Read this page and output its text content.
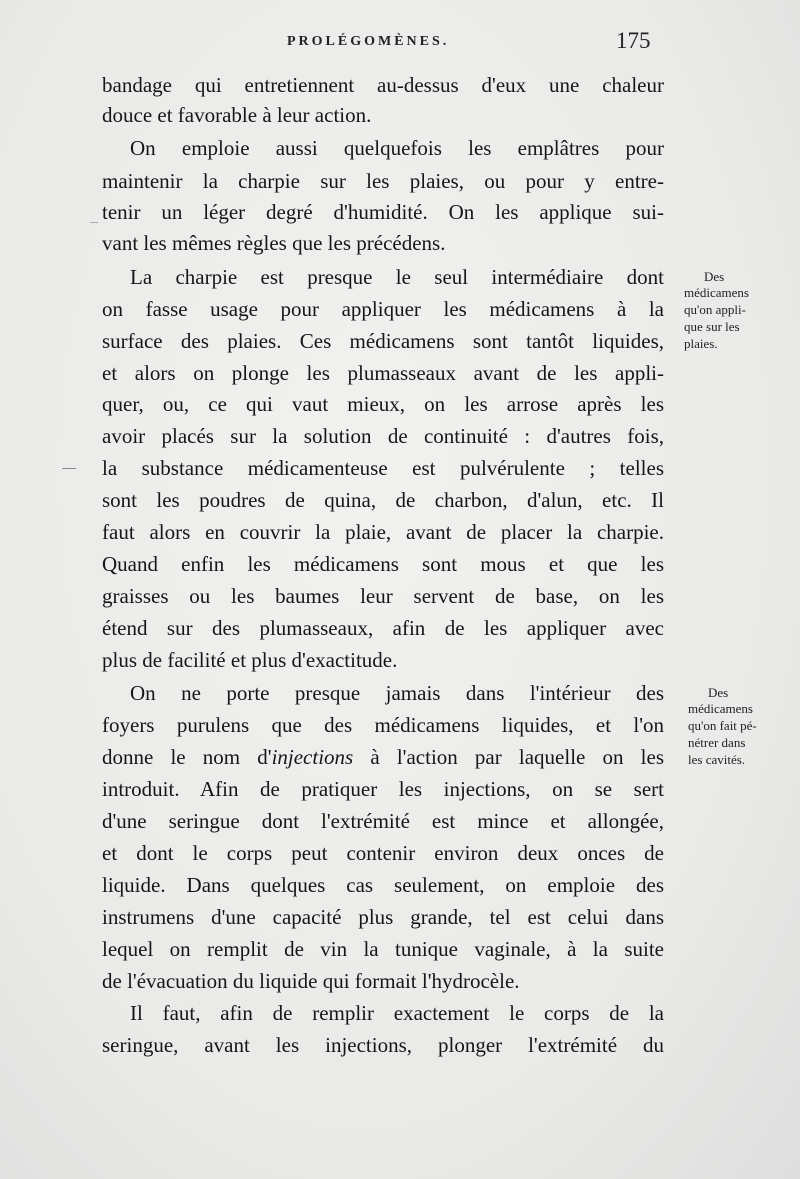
PROLÉGOMÈNES.	175
bandage qui entretiennent au-dessus d'eux une chaleur
douce et favorable à leur action.
On emploie aussi quelquefois les emplâtres pour
maintenir la charpie sur les plaies, ou pour y entre-
tenir un léger degré d'humidité. On les applique sui-
vant les mêmes règles que les précédens.
La charpie est presque le seul intermédiaire dont
on fasse usage pour appliquer les médicamens à la
surface des plaies. Ces médicamens sont tantôt liquides,
et alors on plonge les plumasseaux avant de les appli-
quer, ou, ce qui vaut mieux, on les arrose après les
avoir placés sur la solution de continuité : d'autres fois,
la substance médicamenteuse est pulvérulente ; telles
sont les poudres de quina, de charbon, d'alun, etc. Il
faut alors en couvrir la plaie, avant de placer la charpie.
Quand enfin les médicamens sont mous et que les
graisses ou les baumes leur servent de base, on les
étend sur des plumasseaux, afin de les appliquer avec
plus de facilité et plus d'exactitude.
On ne porte presque jamais dans l'intérieur des
foyers purulens que des médicamens liquides, et l'on
donne le nom d'injections à l'action par laquelle on les
introduit. Afin de pratiquer les injections, on se sert
d'une seringue dont l'extrémité est mince et allongée,
et dont le corps peut contenir environ deux onces de
liquide. Dans quelques cas seulement, on emploie des
instrumens d'une capacité plus grande, tel est celui dans
lequel on remplit de vin la tunique vaginale, à la suite
de l'évacuation du liquide qui formait l'hydrocèle.
Il faut, afin de remplir exactement le corps de la
seringue, avant les injections, plonger l'extrémité du
Des
médicamens
qu'on appli-
que sur les
plaies.
Des
médicamens
qu'on fait pé-
nétrer dans
les cavités.
